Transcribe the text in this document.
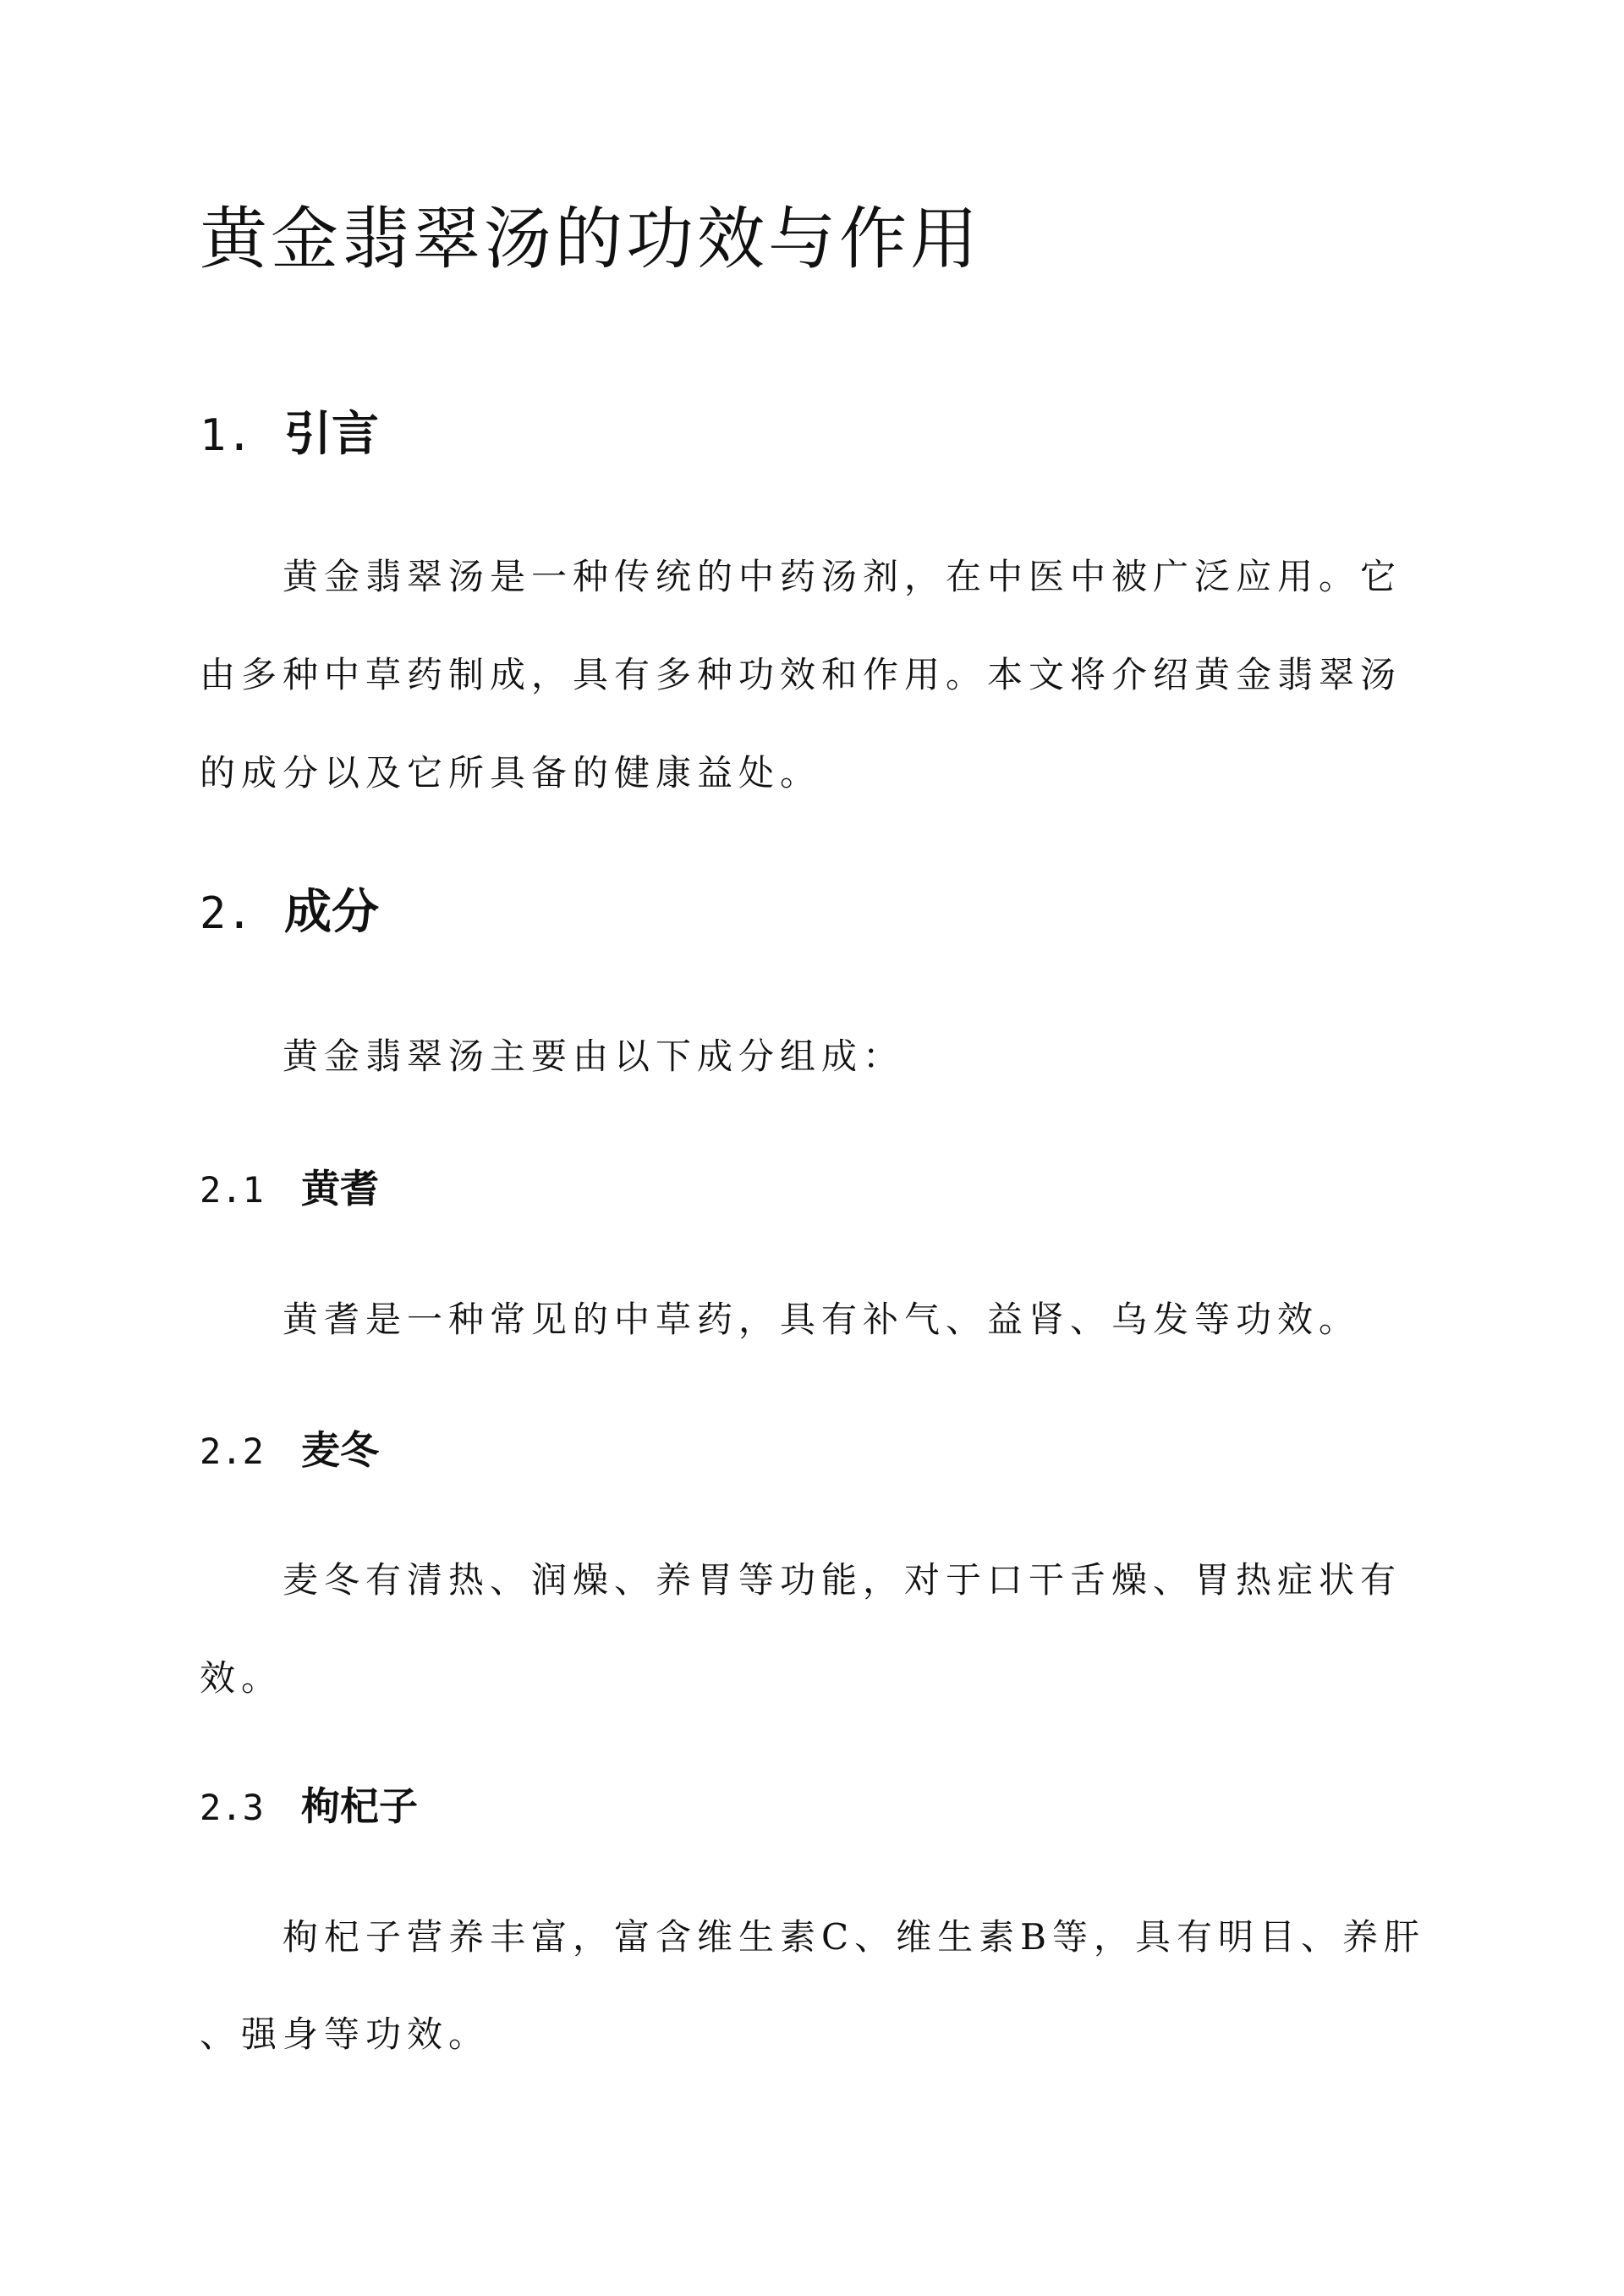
黄金翡翠汤的功效与作用
1. 引言

黄金翡翠汤是一种传统的中药汤剂，在中医中被广泛应用。它

由多种中草药制成，具有多种功效和作用。本文将介绍黄金翡翠汤

的成分以及它所具备的健康益处。

2. 成分

黄金翡翠汤主要由以下成分组成：

2.1 黄耆

黄耆是一种常见的中草药，具有补气、益肾、乌发等功效。

2.2 麦冬

麦冬有清热、润燥、养胃等功能，对于口干舌燥、胃热症状有

效。

2.3 枸杞子

枸杞子营养丰富，富含维生素C、维生素B等，具有明目、养肝

、强身等功效。
